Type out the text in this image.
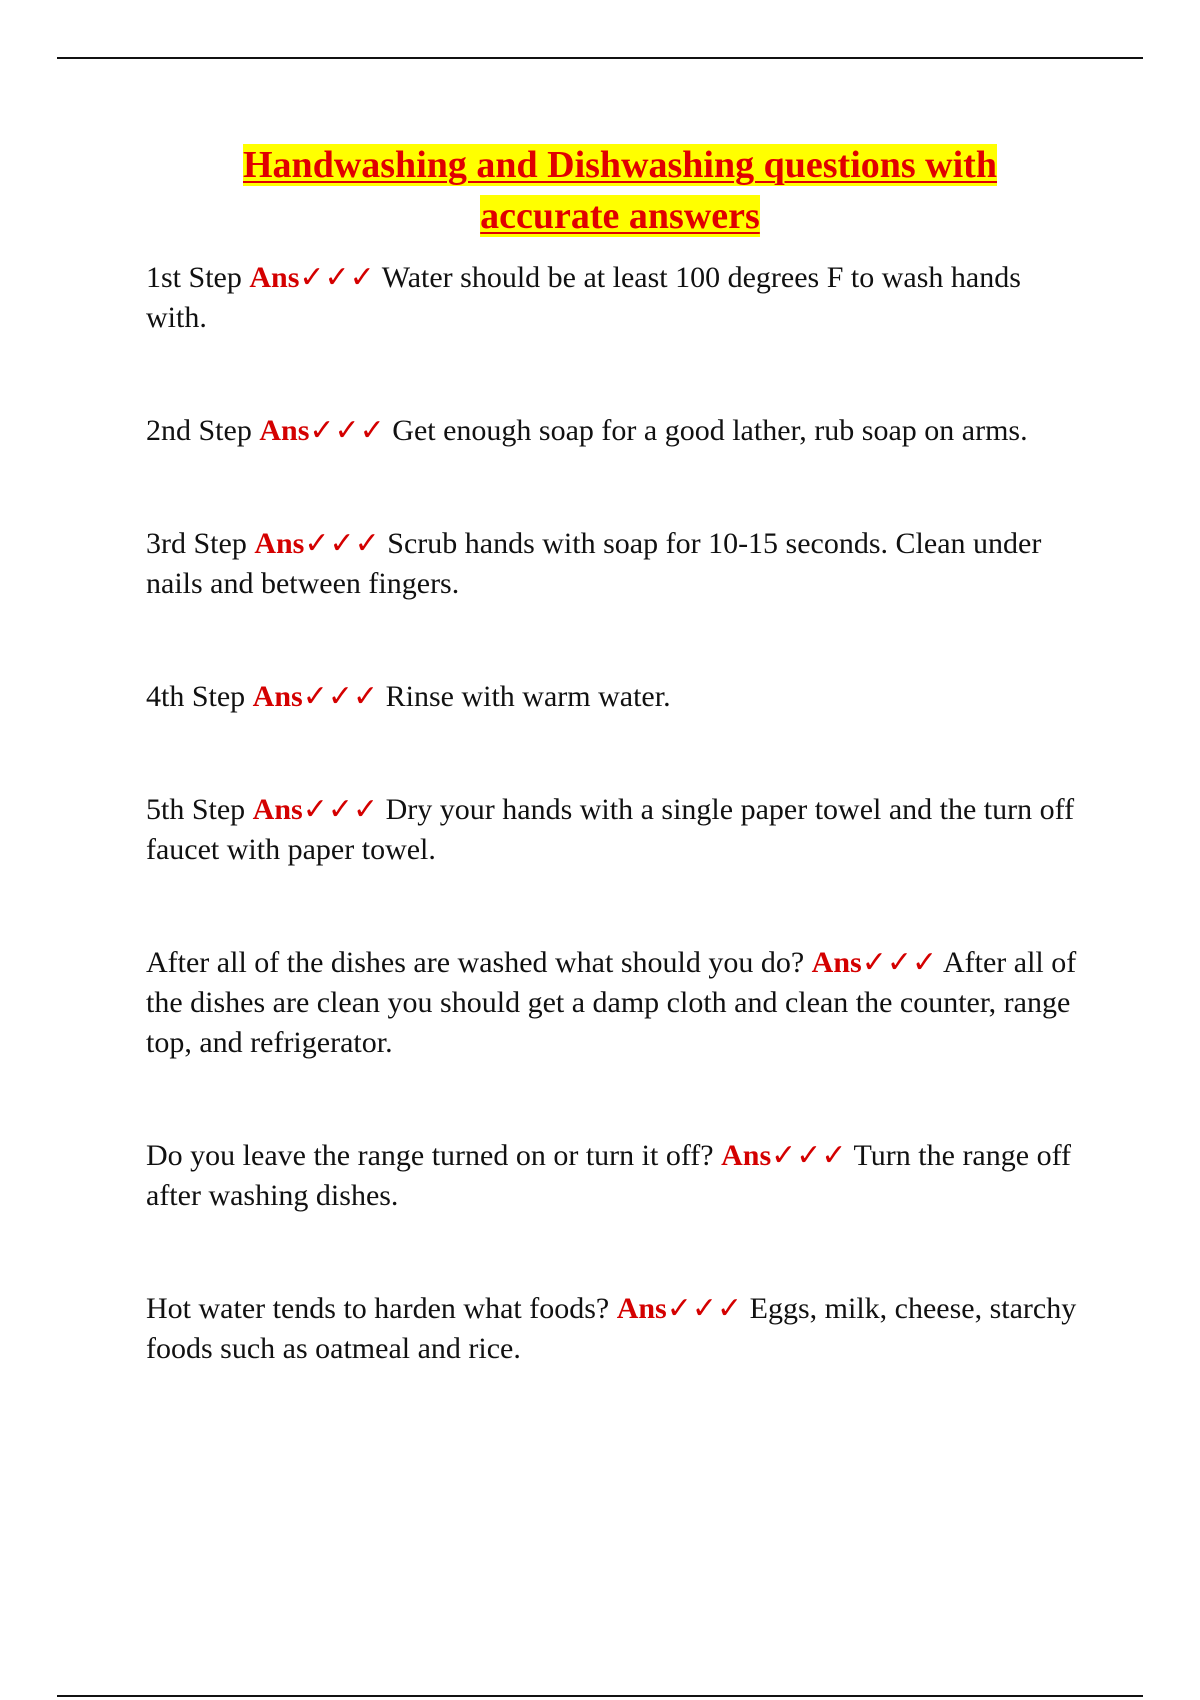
Handwashing and Dishwashing questions with
accurate answers

1st Step Ans✓✓✓ Water should be at least 100 degrees F to wash hands with.

2nd Step Ans✓✓✓ Get enough soap for a good lather, rub soap on arms.

3rd Step Ans✓✓✓ Scrub hands with soap for 10-15 seconds. Clean under nails and between fingers.

4th Step Ans✓✓✓ Rinse with warm water.

5th Step Ans✓✓✓ Dry your hands with a single paper towel and the turn off faucet with paper towel.

After all of the dishes are washed what should you do? Ans✓✓✓ After all of the dishes are clean you should get a damp cloth and clean the counter, range top, and refrigerator.

Do you leave the range turned on or turn it off? Ans✓✓✓ Turn the range off after washing dishes.

Hot water tends to harden what foods? Ans✓✓✓ Eggs, milk, cheese, starchy foods such as oatmeal and rice.
